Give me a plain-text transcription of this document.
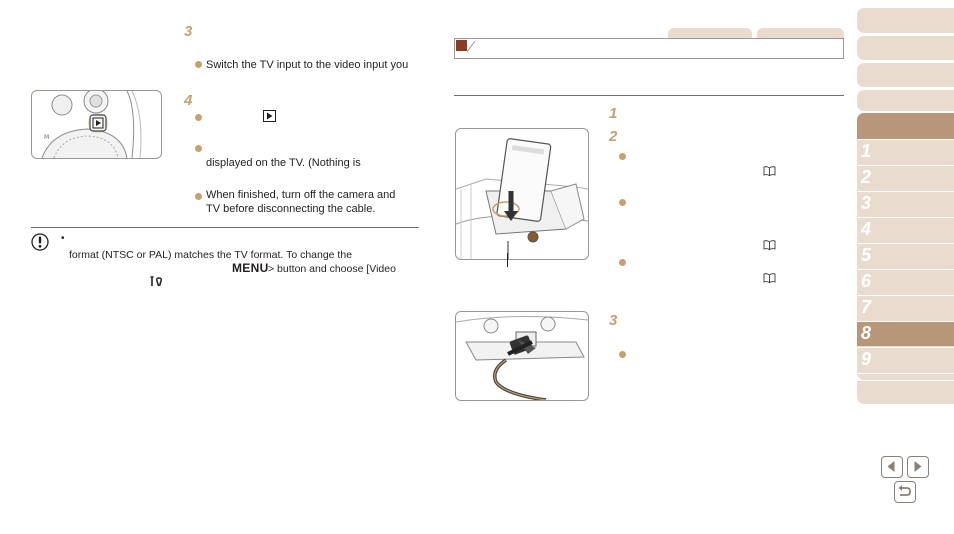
3
Switch the TV input to the video input you
M
4
displayed on the TV. (Nothing is
When finished, turn off the camera and
TV before disconnecting the cable.
•
format (NTSC or PAL) matches the TV format. To change the
MENU > button and choose [Video
1
2
3
1
2
3
4
5
6
7
8
9
